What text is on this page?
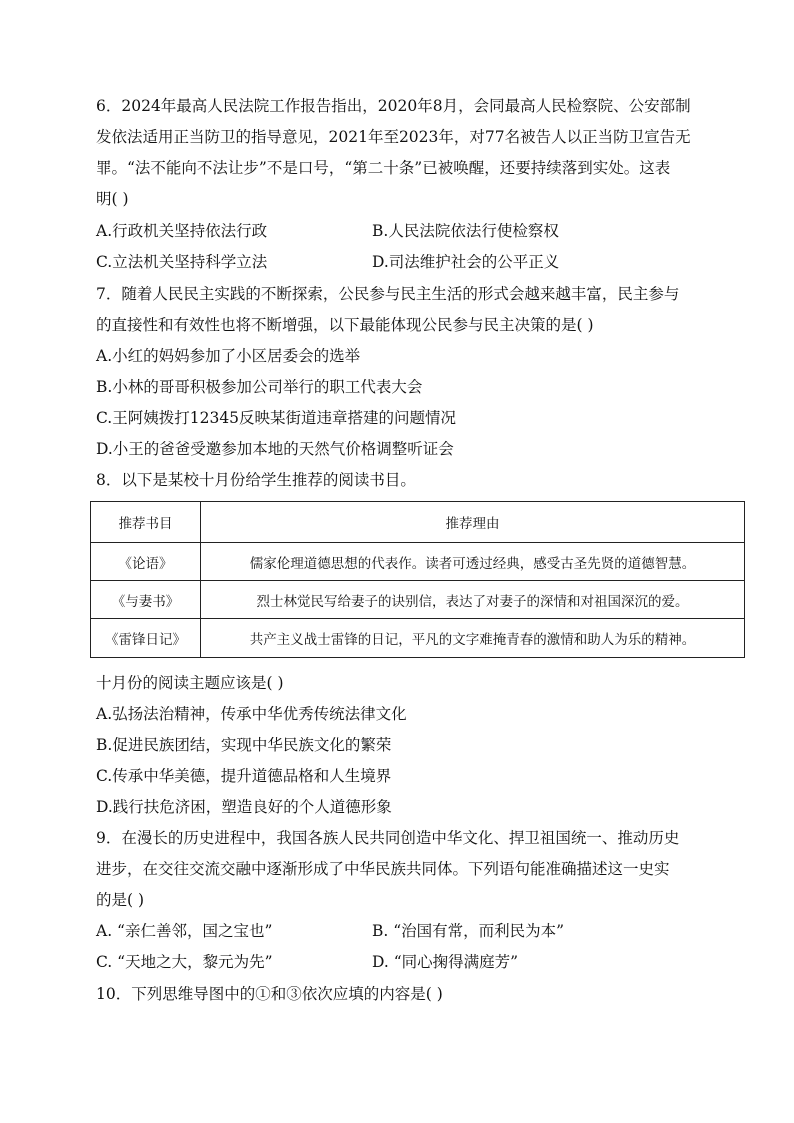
6．2024年最高人民法院工作报告指出，2020年8月，会同最高人民检察院、公安部制
发依法适用正当防卫的指导意见，2021年至2023年，对77名被告人以正当防卫宣告无
罪。“法不能向不法让步”不是口号，“第二十条”已被唤醒，还要持续落到实处。这表
明( )
A.行政机关坚持依法行政	B.人民法院依法行使检察权
C.立法机关坚持科学立法	D.司法维护社会的公平正义
7．随着人民民主实践的不断探索，公民参与民主生活的形式会越来越丰富，民主参与
的直接性和有效性也将不断增强，以下最能体现公民参与民主决策的是( )
A.小红的妈妈参加了小区居委会的选举
B.小林的哥哥积极参加公司举行的职工代表大会
C.王阿姨拨打12345反映某街道违章搭建的问题情况
D.小王的爸爸受邀参加本地的天然气价格调整听证会
8．以下是某校十月份给学生推荐的阅读书目。
推荐书目	推荐理由
《论语》	儒家伦理道德思想的代表作。读者可透过经典，感受古圣先贤的道德智慧。
《与妻书》	烈士林觉民写给妻子的诀别信，表达了对妻子的深情和对祖国深沉的爱。
《雷锋日记》	共产主义战士雷锋的日记，平凡的文字难掩青春的激情和助人为乐的精神。
十月份的阅读主题应该是( )
A.弘扬法治精神，传承中华优秀传统法律文化
B.促进民族团结，实现中华民族文化的繁荣
C.传承中华美德，提升道德品格和人生境界
D.践行扶危济困，塑造良好的个人道德形象
9．在漫长的历史进程中，我国各族人民共同创造中华文化、捍卫祖国统一、推动历史
进步，在交往交流交融中逐渐形成了中华民族共同体。下列语句能准确描述这一史实
的是( )
A. “亲仁善邻，国之宝也”	B. “治国有常，而利民为本”
C. “天地之大，黎元为先”	D. “同心掬得满庭芳”
10．下列思维导图中的①和③依次应填的内容是( )
